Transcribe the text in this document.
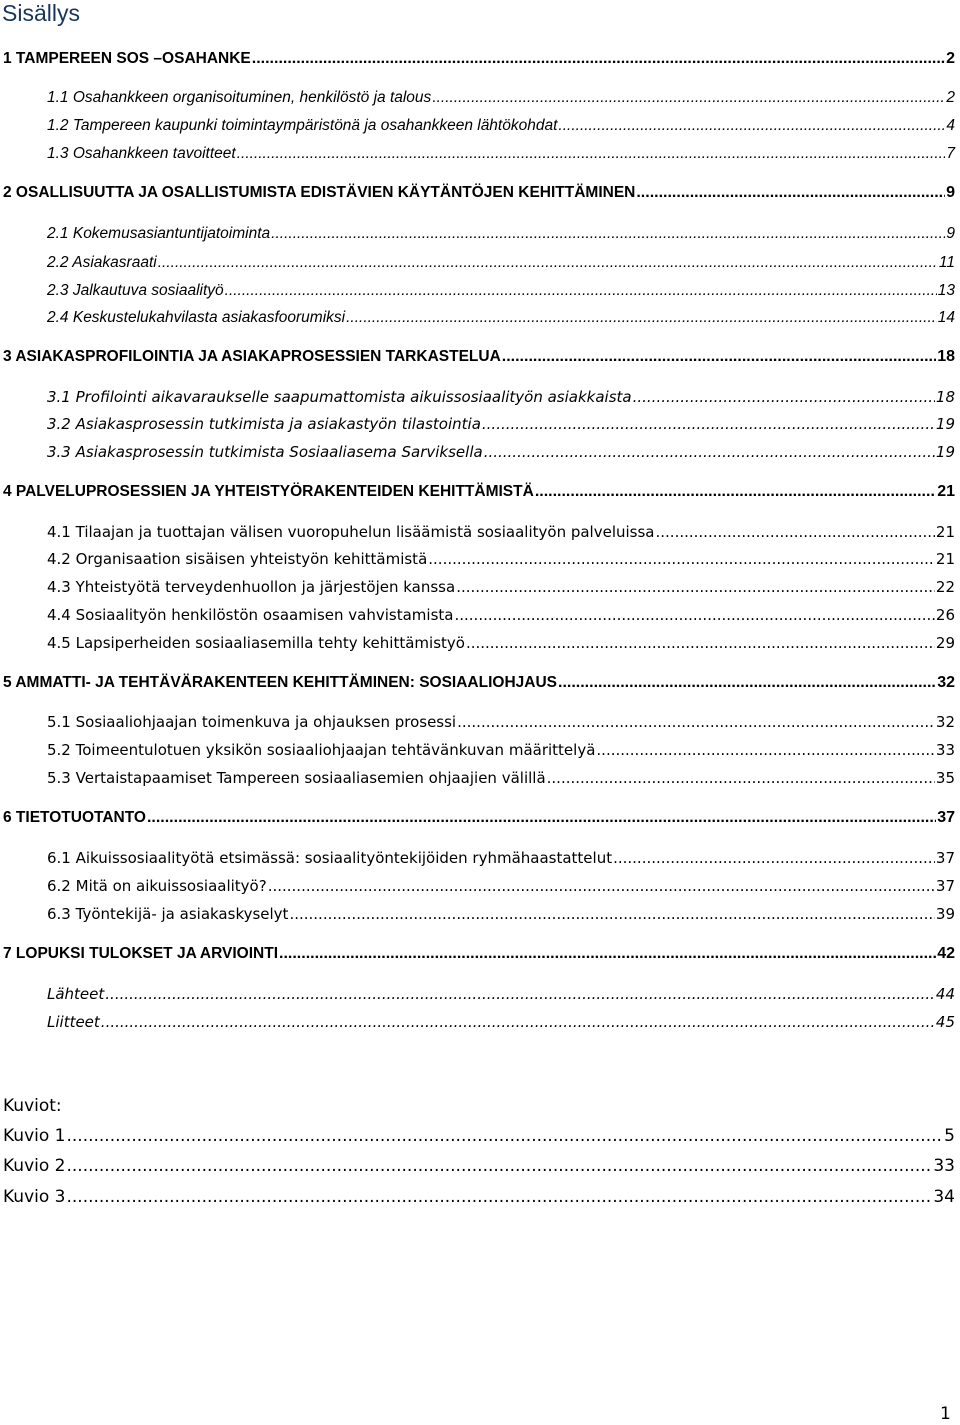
Sisällys
1 TAMPEREEN SOS –OSAHANKE .....	2
1.1 Osahankkeen organisoituminen, henkilöstö ja talous .....	2
1.2 Tampereen kaupunki toimintaympäristönä ja osahankkeen lähtökohdat .....	4
1.3 Osahankkeen tavoitteet .....	7
2 OSALLISUUTTA JA OSALLISTUMISTA EDISTÄVIEN KÄYTÄNTÖJEN KEHITTÄMINEN .....	9
2.1 Kokemusasiantuntijatoiminta .....	9
2.2 Asiakasraati .....	11
2.3 Jalkautuva sosiaalityö .....	13
2.4 Keskustelukahvilasta asiakasfoorumiksi .....	14
3 ASIAKASPROFILOINTIA JA ASIAKAPROSESSIEN TARKASTELUA .....	18
3.1 Profilointi aikavaraukselle saapumattomista aikuissosiaalityön asiakkaista .....	18
3.2 Asiakasprosessin tutkimista ja asiakastyön tilastointia .....	19
3.3 Asiakasprosessin tutkimista Sosiaaliasema Sarviksella .....	19
4 PALVELUPROSESSIEN JA YHTEISTYÖRAKENTEIDEN KEHITTÄMISTÄ .....	21
4.1 Tilaajan ja tuottajan välisen vuoropuhelun lisäämistä sosiaalityön palveluissa .....	21
4.2 Organisaation sisäisen yhteistyön kehittämistä .....	21
4.3 Yhteistyötä terveydenhuollon ja järjestöjen kanssa .....	22
4.4 Sosiaalityön henkilöstön osaamisen vahvistamista .....	26
4.5 Lapsiperheiden sosiaaliasemilla tehty kehittämistyö .....	29
5 AMMATTI- JA TEHTÄVÄRAKENTEEN KEHITTÄMINEN: SOSIAALIOHJAUS .....	32
5.1 Sosiaaliohjaajan toimenkuva ja ohjauksen prosessi .....	32
5.2 Toimeentulotuen yksikön sosiaaliohjaajan tehtävänkuvan määrittelyä .....	33
5.3 Vertaistapaamiset Tampereen sosiaaliasemien ohjaajien välillä .....	35
6 TIETOTUOTANTO .....	37
6.1 Aikuissosiaalityötä etsimässä: sosiaalityöntekijöiden ryhmähaastattelut .....	37
6.2 Mitä on aikuissosiaalityö? .....	37
6.3 Työntekijä- ja asiakaskyselyt .....	39
7 LOPUKSI TULOKSET JA ARVIOINTI .....	42
Lähteet .....	44
Liitteet .....	45
Kuviot:
Kuvio 1 .....	5
Kuvio 2 .....	33
Kuvio 3 .....	34
1
